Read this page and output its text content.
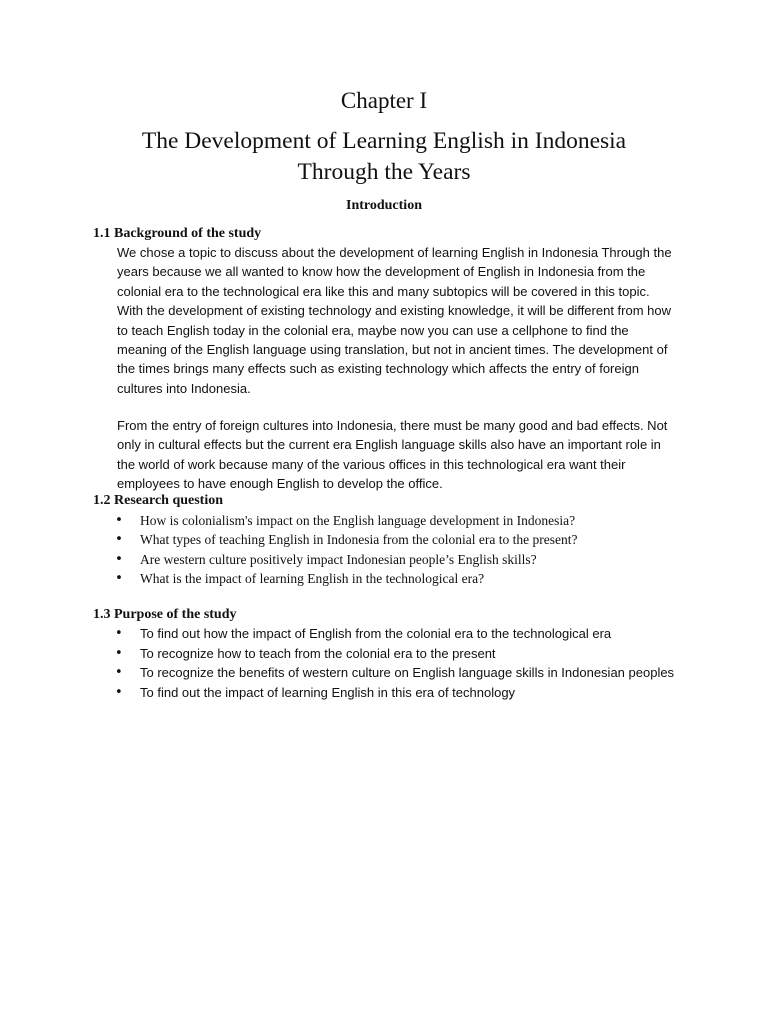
Chapter I
The Development of Learning English in Indonesia
Through the Years
Introduction
1.1 Background of the study

We chose a topic to discuss about the development of learning English in Indonesia Through the years because we all wanted to know how the development of English in Indonesia from the colonial era to the technological era like this and many subtopics will be covered in this topic. With the development of existing technology and existing knowledge, it will be different from how to teach English today in the colonial era, maybe now you can use a cellphone to find the meaning of the English language using translation, but not in ancient times. The development of the times brings many effects such as existing technology which affects the entry of foreign cultures into Indonesia.

From the entry of foreign cultures into Indonesia, there must be many good and bad effects. Not only in cultural effects but the current era English language skills also have an important role in the world of work because many of the various offices in this technological era want their employees to have enough English to develop the office.

1.2 Research question
• How is colonialism's impact on the English language development in Indonesia?
• What types of teaching English in Indonesia from the colonial era to the present?
• Are western culture positively impact Indonesian people’s English skills?
• What is the impact of learning English in the technological era?
1.3 Purpose of the study
• To find out how the impact of English from the colonial era to the technological era
• To recognize how to teach from the colonial era to the present
• To recognize the benefits of western culture on English language skills in Indonesian peoples
• To find out the impact of learning English in this era of technology
